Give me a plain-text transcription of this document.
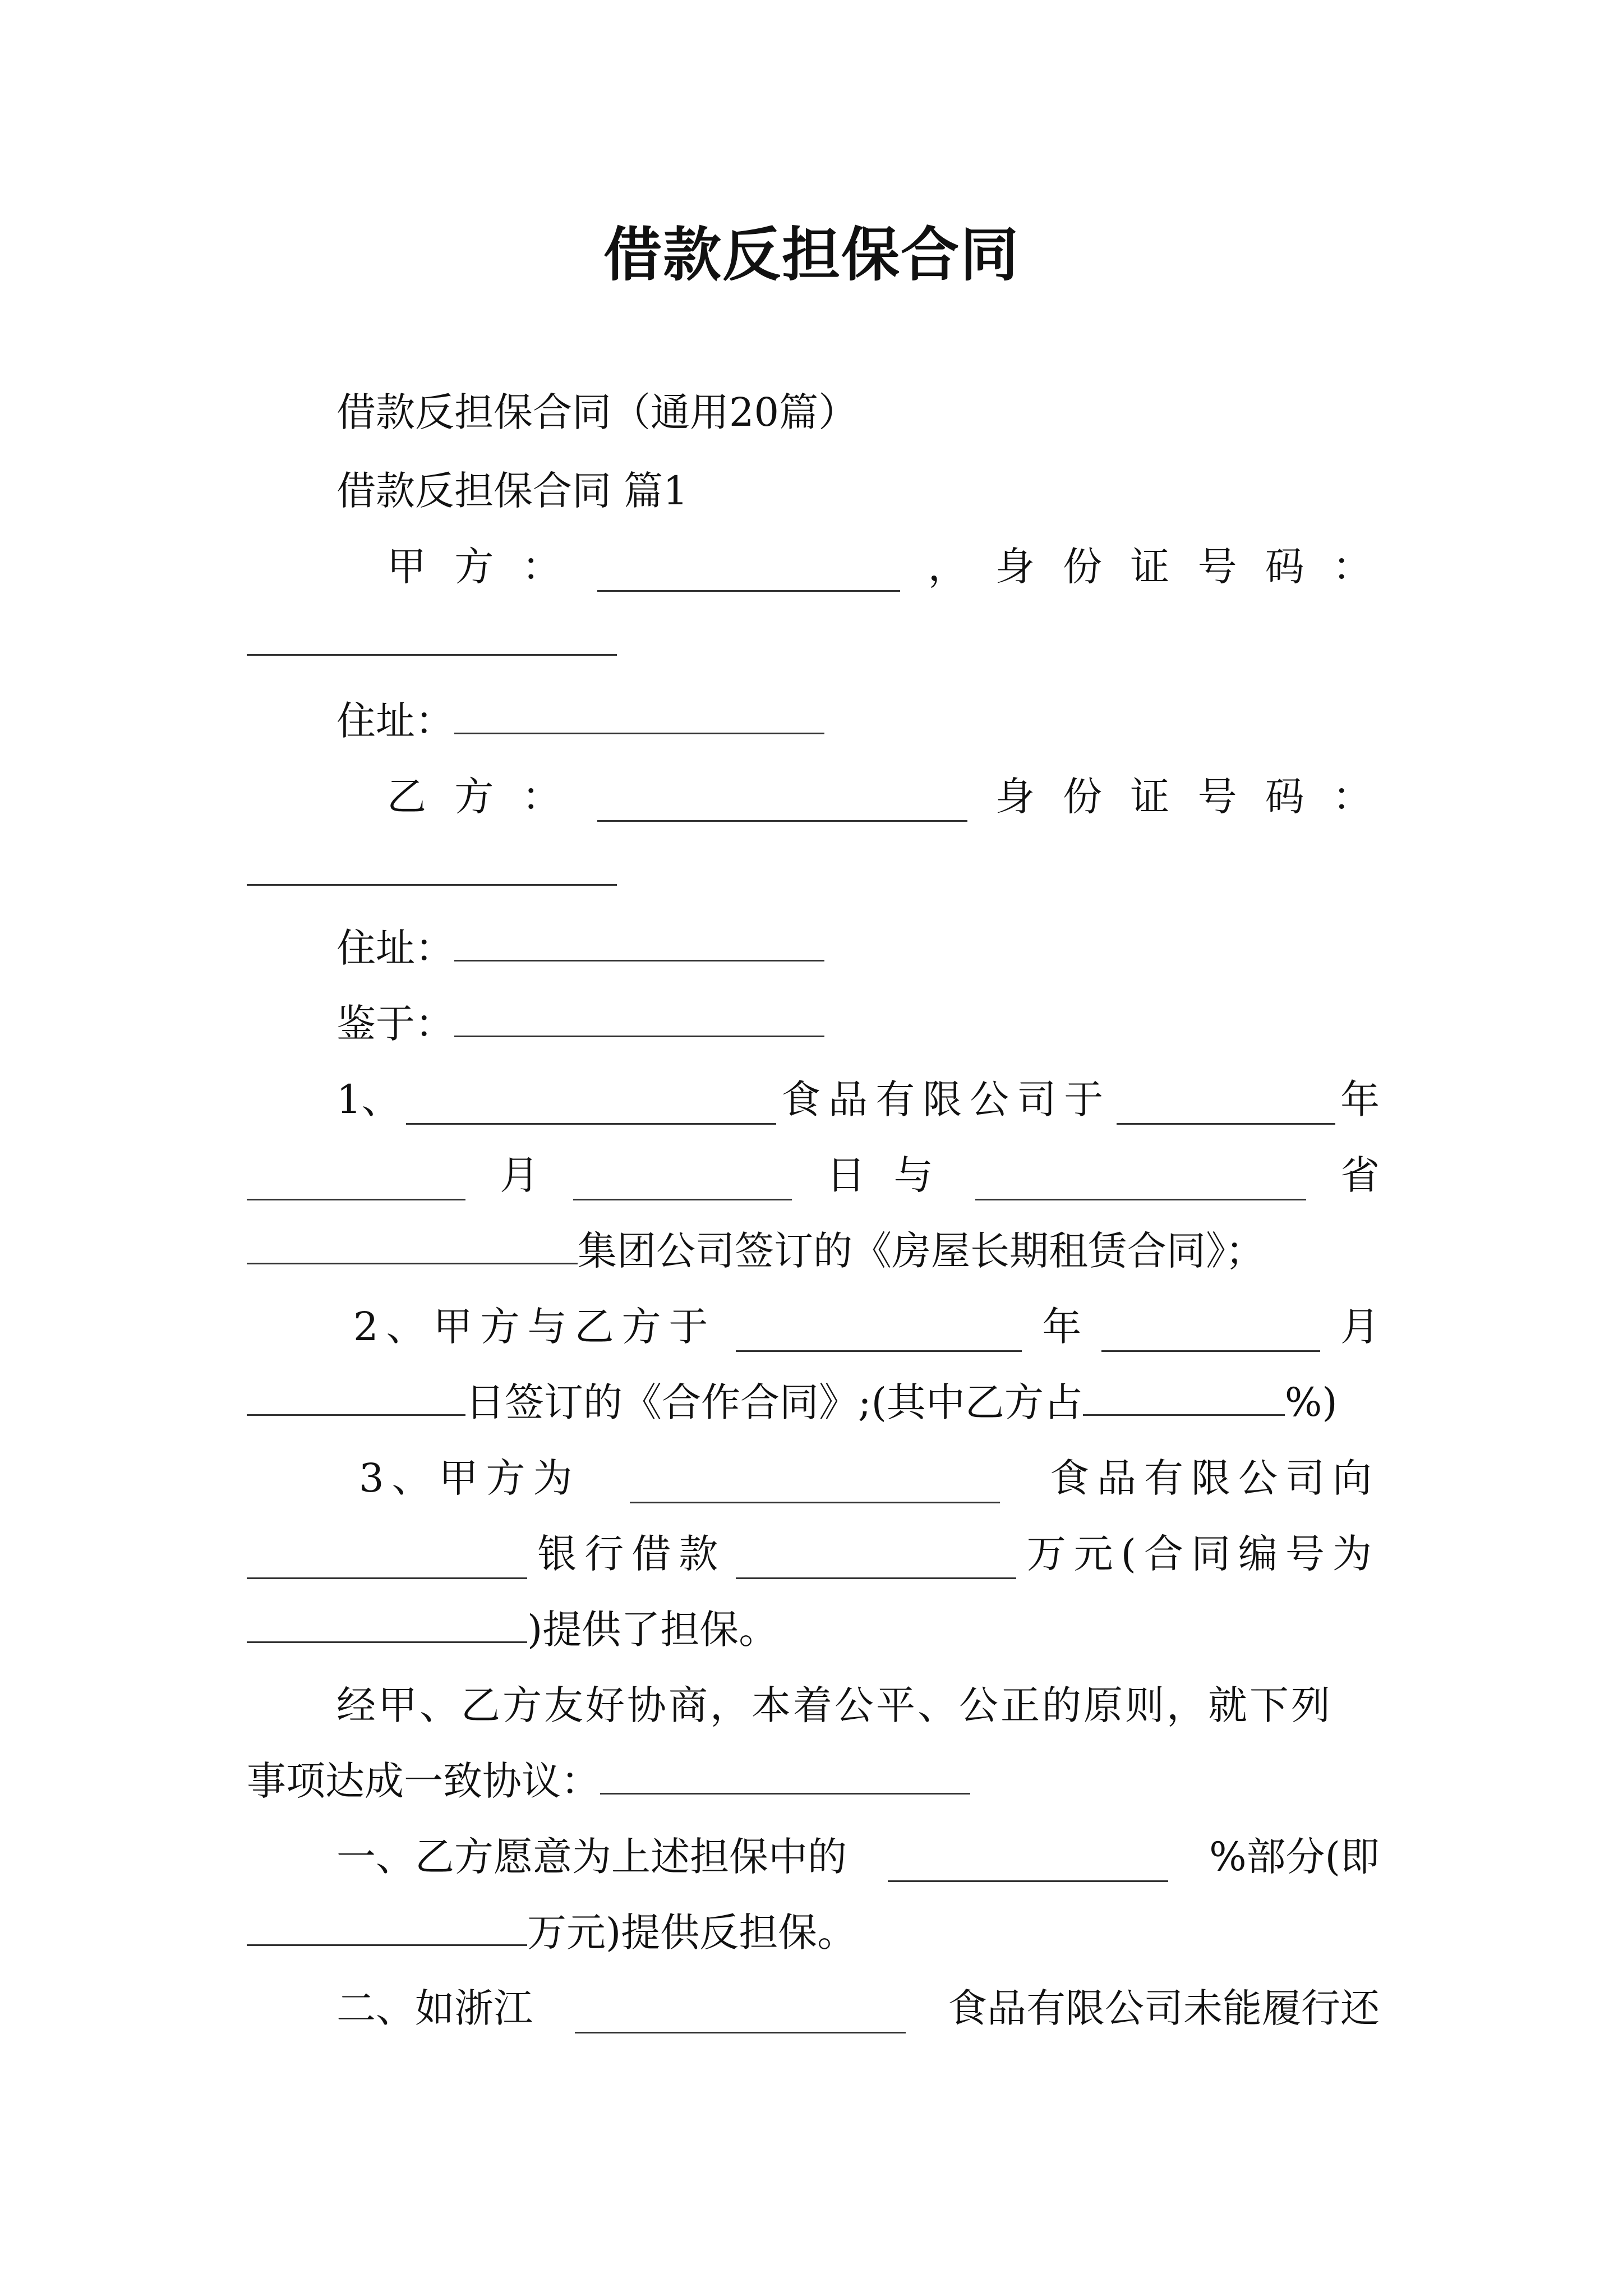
借款反担保合同
借款反担保合同（通用20篇）
借款反担保合同 篇1
甲 方 ：	， 身 份 证 号 码 ：
住址：
乙 方 ：	身 份 证 号 码 ：
住址：
鉴于：
1、	食品有限公司于	年
月	日 与	省
集团公司签订的《房屋长期租赁合同》；
2、甲方与乙方于	年	月
日签订的《合作合同》;(其中乙方占	%)
3、甲方为	食品有限公司向
银行借款	万元(合同编号为
)提供了担保。
经甲、乙方友好协商，本着公平、公正的原则，就下列
事项达成一致协议：
一、乙方愿意为上述担保中的	%部分(即
万元)提供反担保。
二、如浙江	食品有限公司未能履行还
